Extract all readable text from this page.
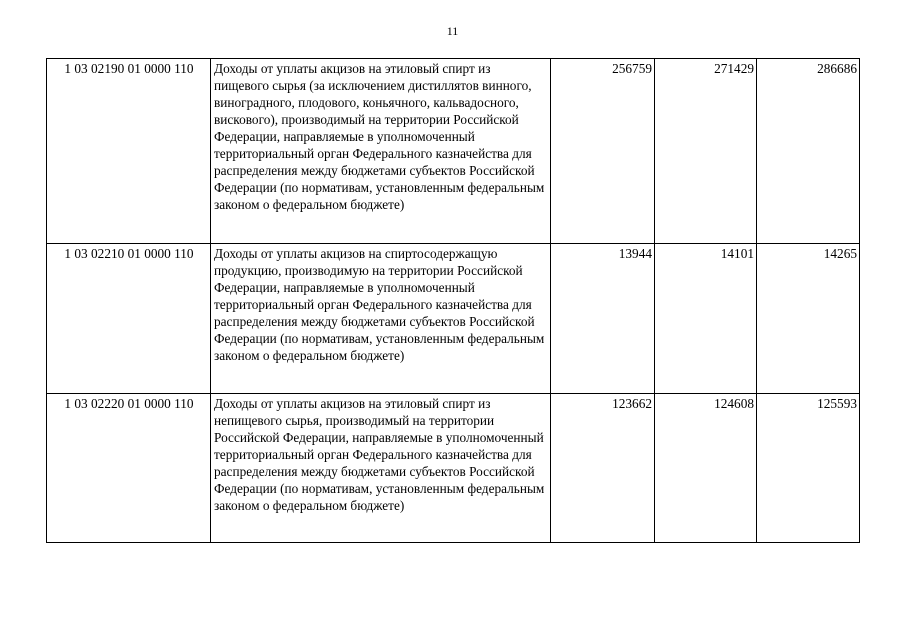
11
1 03 02190 01 0000 110	Доходы от уплаты акцизов на этиловый спирт из пищевого сырья (за исключением дистиллятов винного, виноградного, плодового, коньячного, кальвадосного, вискового), производимый на территории Российской Федерации, направляемые в уполномоченный территориальный орган Федерального казначейства для распределения между бюджетами субъектов Российской Федерации (по нормативам, установленным федеральным законом о федеральном бюджете)	256759	271429	286686
1 03 02210 01 0000 110	Доходы от уплаты акцизов на спиртосодержащую продукцию, производимую на территории Российской Федерации, направляемые в уполномоченный территориальный орган Федерального казначейства для распределения между бюджетами субъектов Российской Федерации (по нормативам, установленным федеральным законом о федеральном бюджете)	13944	14101	14265
1 03 02220 01 0000 110	Доходы от уплаты акцизов на этиловый спирт из непищевого сырья, производимый на территории Российской Федерации, направляемые в уполномоченный территориальный орган Федерального казначейства для распределения между бюджетами субъектов Российской Федерации (по нормативам, установленным федеральным законом о федеральном бюджете)	123662	124608	125593
